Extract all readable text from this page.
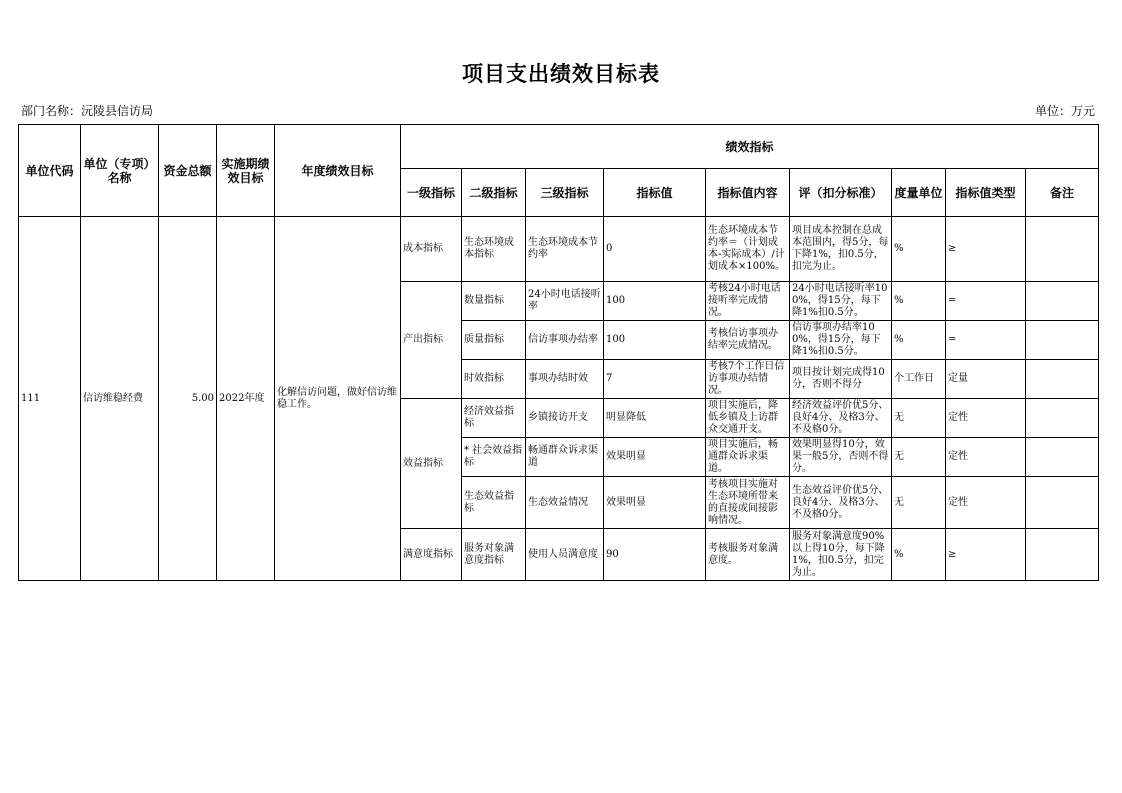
项目支出绩效目标表
部门名称：沅陵县信访局	单位：万元
单位代码	单位（专项）名称	资金总额	实施期绩效目标	年度绩效目标	绩效指标								
					一级指标	二级指标	三级指标	指标值	指标值内容	评（扣分标准）	度量单位	指标值类型	备注
111	信访维稳经费	5.00	2022年度	化解信访问题，做好信访维稳工作。	成本指标	生态环境成本指标	生态环境成本节约率	0	生态环境成本节约率＝（计划成本-实际成本）/计划成本×100%。	项目成本控制在总成本范围内，得5分，每下降1%，扣0.5分，扣完为止。	%	≥	
					产出指标	数量指标	24小时电话接听率	100	考核24小时电话接听率完成情况。	24小时电话接听率100%，得15分，每下降1%扣0.5分。	%	=	
						质量指标	信访事项办结率	100	考核信访事项办结率完成情况。	信访事项办结率100%，得15分，每下降1%扣0.5分。	%	=	
						时效指标	事项办结时效	7	考核7个工作日信访事项办结情况。	项目按计划完成得10分，否则不得分	个工作日	定量	
					效益指标	经济效益指标	乡镇接访开支	明显降低	项目实施后，降低乡镇及上访群众交通开支。	经济效益评价优5分、良好4分、及格3分、不及格0分。	无	定性	
						* 社会效益指标	畅通群众诉求渠道	效果明显	项目实施后，畅通群众诉求渠道。	效果明显得10分，效果一般5分，否则不得分。	无	定性	
						生态效益指标	生态效益情况	效果明显	考核项目实施对生态环境所带来的直接或间接影响情况。	生态效益评价优5分、良好4分、及格3分、不及格0分。	无	定性	
					满意度指标	服务对象满意度指标	使用人员满意度	90	考核服务对象满意度。	服务对象满意度90%以上得10分，每下降1%，扣0.5分，扣完为止。	%	≥	
